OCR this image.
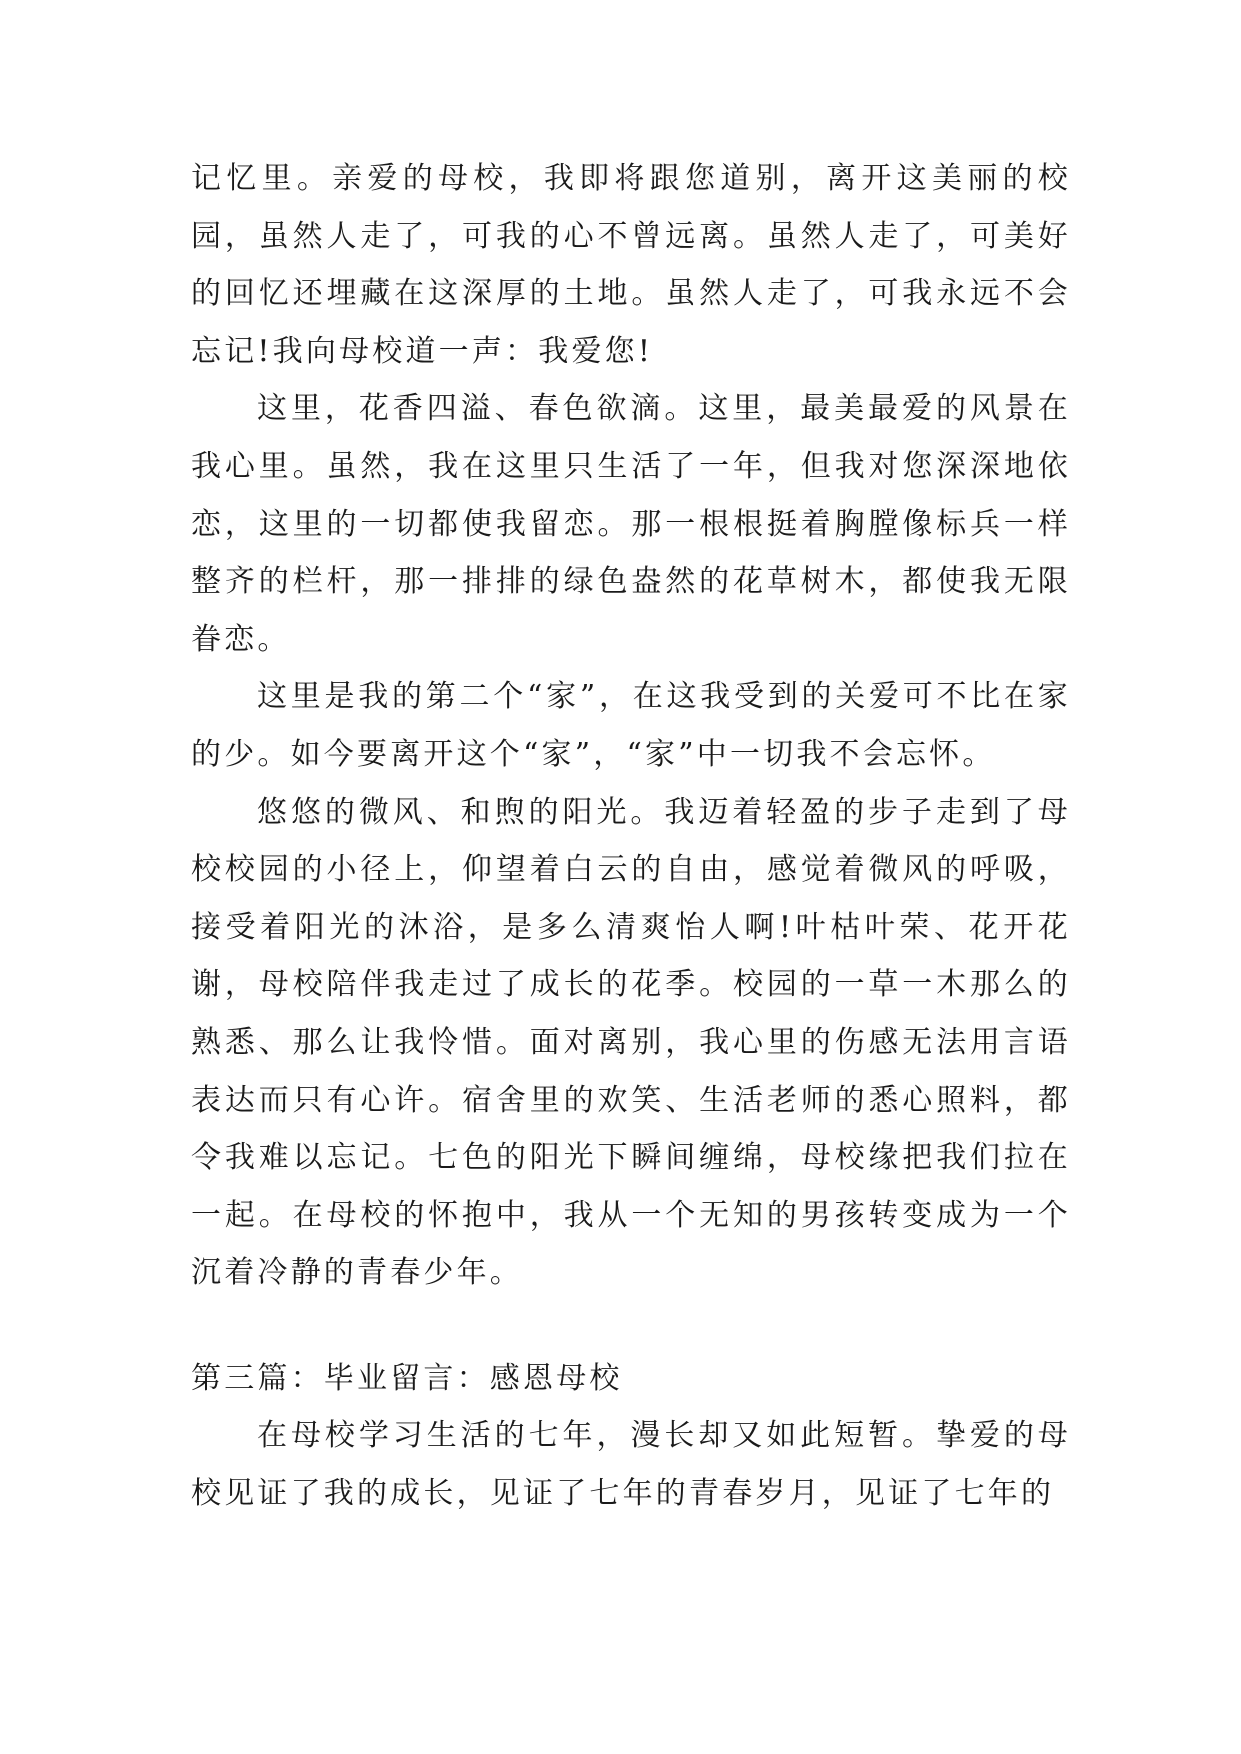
记忆里。亲爱的母校，我即将跟您道别，离开这美丽的校园，虽然人走了，可我的心不曾远离。虽然人走了，可美好的回忆还埋藏在这深厚的土地。虽然人走了，可我永远不会忘记!我向母校道一声：我爱您!

这里，花香四溢、春色欲滴。这里，最美最爱的风景在我心里。虽然，我在这里只生活了一年，但我对您深深地依恋，这里的一切都使我留恋。那一根根挺着胸膛像标兵一样整齐的栏杆，那一排排的绿色盎然的花草树木，都使我无限眷恋。

这里是我的第二个“家”，在这我受到的关爱可不比在家的少。如今要离开这个“家”，“家”中一切我不会忘怀。

悠悠的微风、和煦的阳光。我迈着轻盈的步子走到了母校校园的小径上，仰望着白云的自由，感觉着微风的呼吸，接受着阳光的沐浴，是多么清爽怡人啊!叶枯叶荣、花开花谢，母校陪伴我走过了成长的花季。校园的一草一木那么的熟悉、那么让我怜惜。面对离别，我心里的伤感无法用言语表达而只有心许。宿舍里的欢笑、生活老师的悉心照料，都令我难以忘记。七色的阳光下瞬间缠绵，母校缘把我们拉在一起。在母校的怀抱中，我从一个无知的男孩转变成为一个沉着冷静的青春少年。

第三篇：毕业留言：感恩母校

在母校学习生活的七年，漫长却又如此短暂。挚爱的母校见证了我的成长，见证了七年的青春岁月，见证了七年的
